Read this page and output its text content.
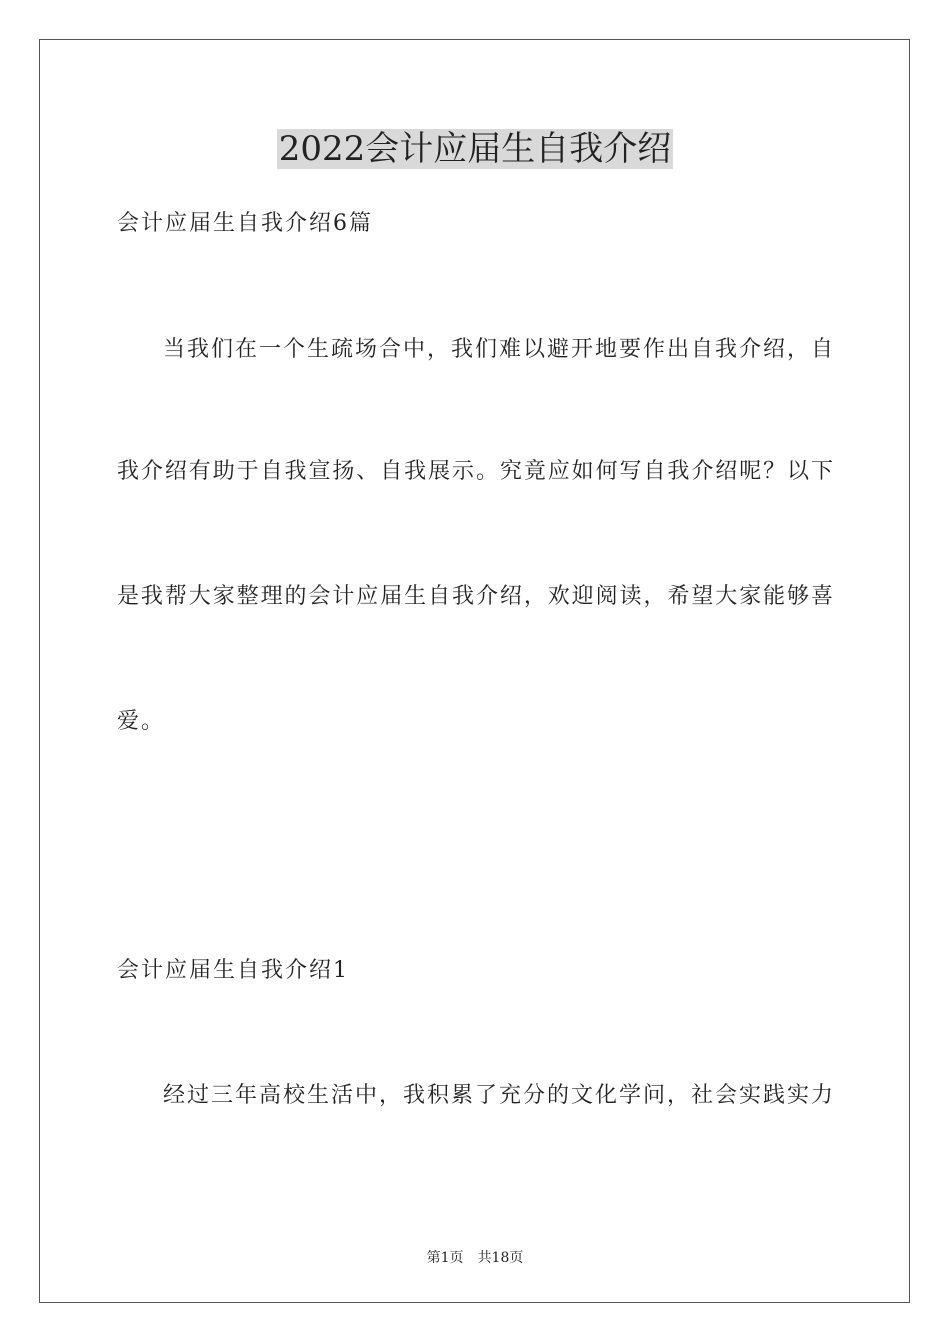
2022会计应届生自我介绍

会计应届生自我介绍6篇

当我们在一个生疏场合中，我们难以避开地要作出自我介绍，自

我介绍有助于自我宣扬、自我展示。究竟应如何写自我介绍呢？以下

是我帮大家整理的会计应届生自我介绍，欢迎阅读，希望大家能够喜

爱。

会计应届生自我介绍1

经过三年高校生活中，我积累了充分的文化学问，社会实践实力

第1页 共18页
